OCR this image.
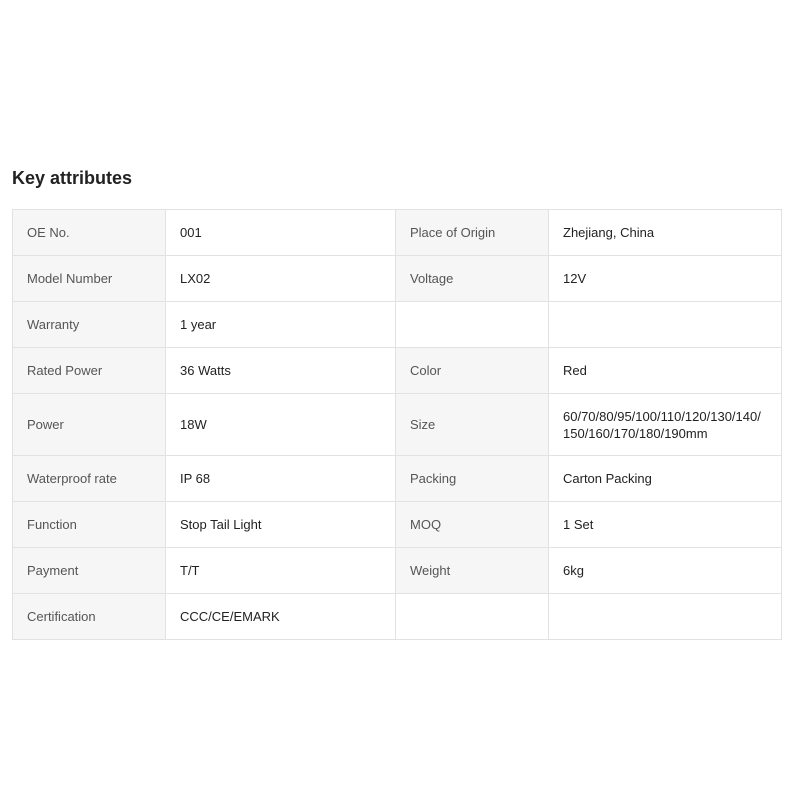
Key attributes
OE No.	001	Place of Origin	Zhejiang, China
Model Number	LX02	Voltage	12V
Warranty	1 year		
Rated Power	36 Watts	Color	Red
Power	18W	Size	60/70/80/95/100/110/120/130/140/150/160/170/180/190mm
Waterproof rate	IP 68	Packing	Carton Packing
Function	Stop Tail Light	MOQ	1 Set
Payment	T/T	Weight	6kg
Certification	CCC/CE/EMARK		
